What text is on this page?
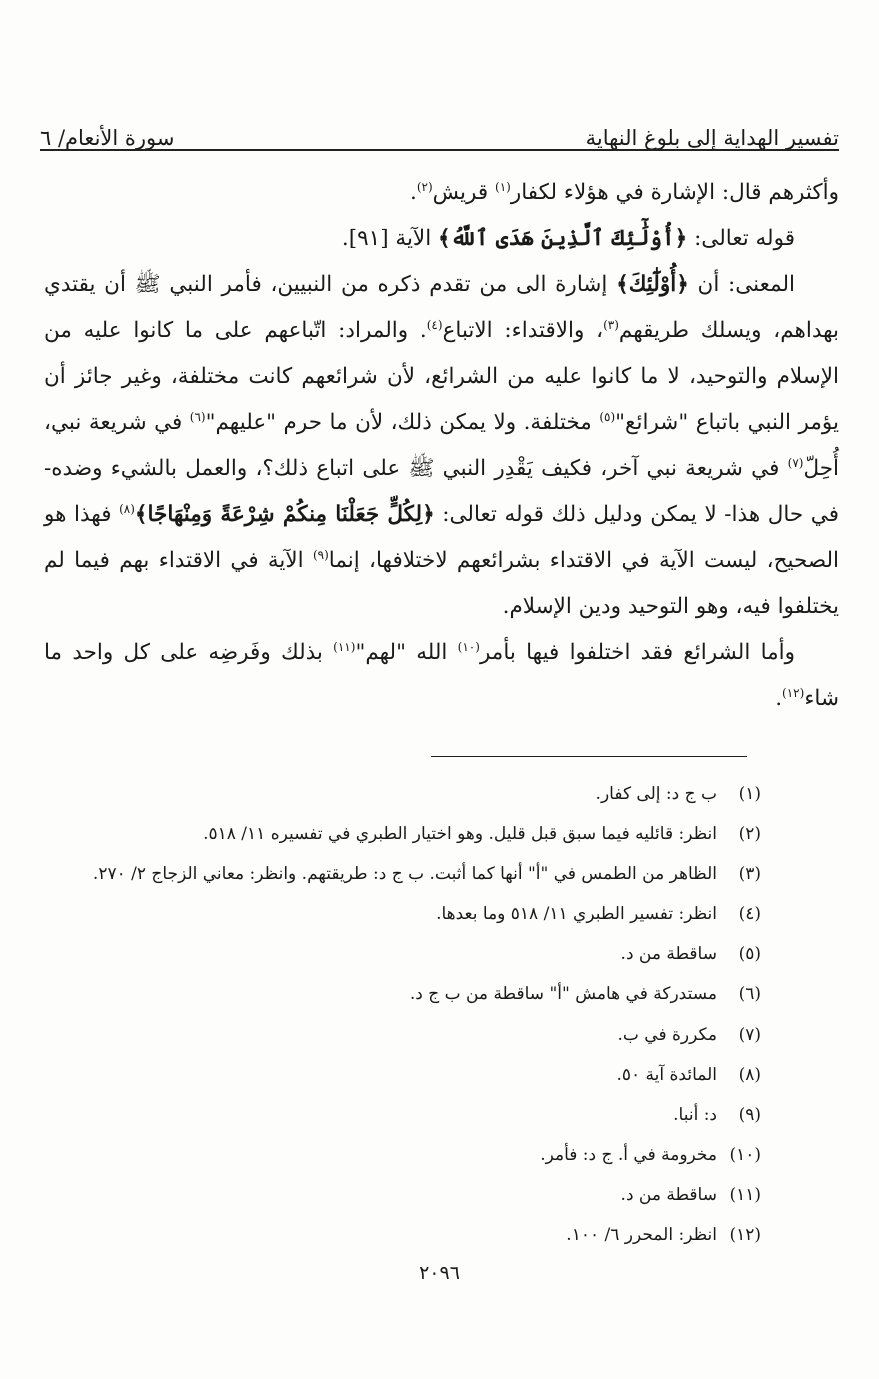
تفسير الهداية إلى بلوغ النهاية
سورة الأنعام/ ٦

وأكثرهم قال: الإشارة في هؤلاء لكفار$^{(١)}$ قريش$^{(٢)}$.

قوله تعالى: ﴿أُوْلَٰٓئِكَ ٱلَّذِينَ هَدَى ٱللَّهُ﴾ الآية [٩١].

المعنى: أن ﴿أُوْلَٰٓئِكَ﴾ إشارة الى من تقدم ذكره من النبيين، فأمر النبي ﷺ أن يقتدي بهداهم، ويسلك طريقهم$^{(٣)}$، والاقتداء: الاتباع$^{(٤)}$. والمراد: اتّباعهم على ما كانوا عليه من الإسلام والتوحيد، لا ما كانوا عليه من الشرائع، لأن شرائعهم كانت مختلفة، وغير جائز أن يؤمر النبي باتباع "شرائع"$^{(٥)}$ مختلفة. ولا يمكن ذلك، لأن ما حرم "عليهم"$^{(٦)}$ في شريعة نبي، أُحِلّ$^{(٧)}$ في شريعة نبي آخر، فكيف يَقْدِر النبي ﷺ على اتباع ذلك؟، والعمل بالشيء وضده- في حال هذا- لا يمكن ودليل ذلك قوله تعالى: ﴿لِكُلٍّ جَعَلْنَا مِنكُمْ شِرْعَةً وَمِنْهَاجًا﴾$^{(٨)}$ فهذا هو الصحيح، ليست الآية في الاقتداء بشرائعهم لاختلافها، إنما$^{(٩)}$ الآية في الاقتداء بهم فيما لم يختلفوا فيه، وهو التوحيد ودين الإسلام.

وأما الشرائع فقد اختلفوا فيها بأمر$^{(١٠)}$ الله "لهم"$^{(١١)}$ بذلك وفَرضِه على كل واحد ما شاء$^{(١٢)}$.

(١)
ب ج د: إلى كفار.
(٢)
انظر: قائليه فيما سبق قبل قليل. وهو اختيار الطبري في تفسيره ١١/ ٥١٨.
(٣)
الظاهر من الطمس في "أ" أنها كما أثبت. ب ج د: طريقتهم. وانظر: معاني الزجاج ٢/ ٢٧٠.
(٤)
انظر: تفسير الطبري ١١/ ٥١٨ وما بعدها.
(٥)
ساقطة من د.
(٦)
مستدركة في هامش "أ" ساقطة من ب ج د.
(٧)
مكررة في ب.
(٨)
المائدة آية ٥٠.
(٩)
د: أنبا.
(١٠)
مخرومة في أ. ج د: فأمر.
(١١)
ساقطة من د.
(١٢)
انظر: المحرر ٦/ ١٠٠.
٢٠٩٦
